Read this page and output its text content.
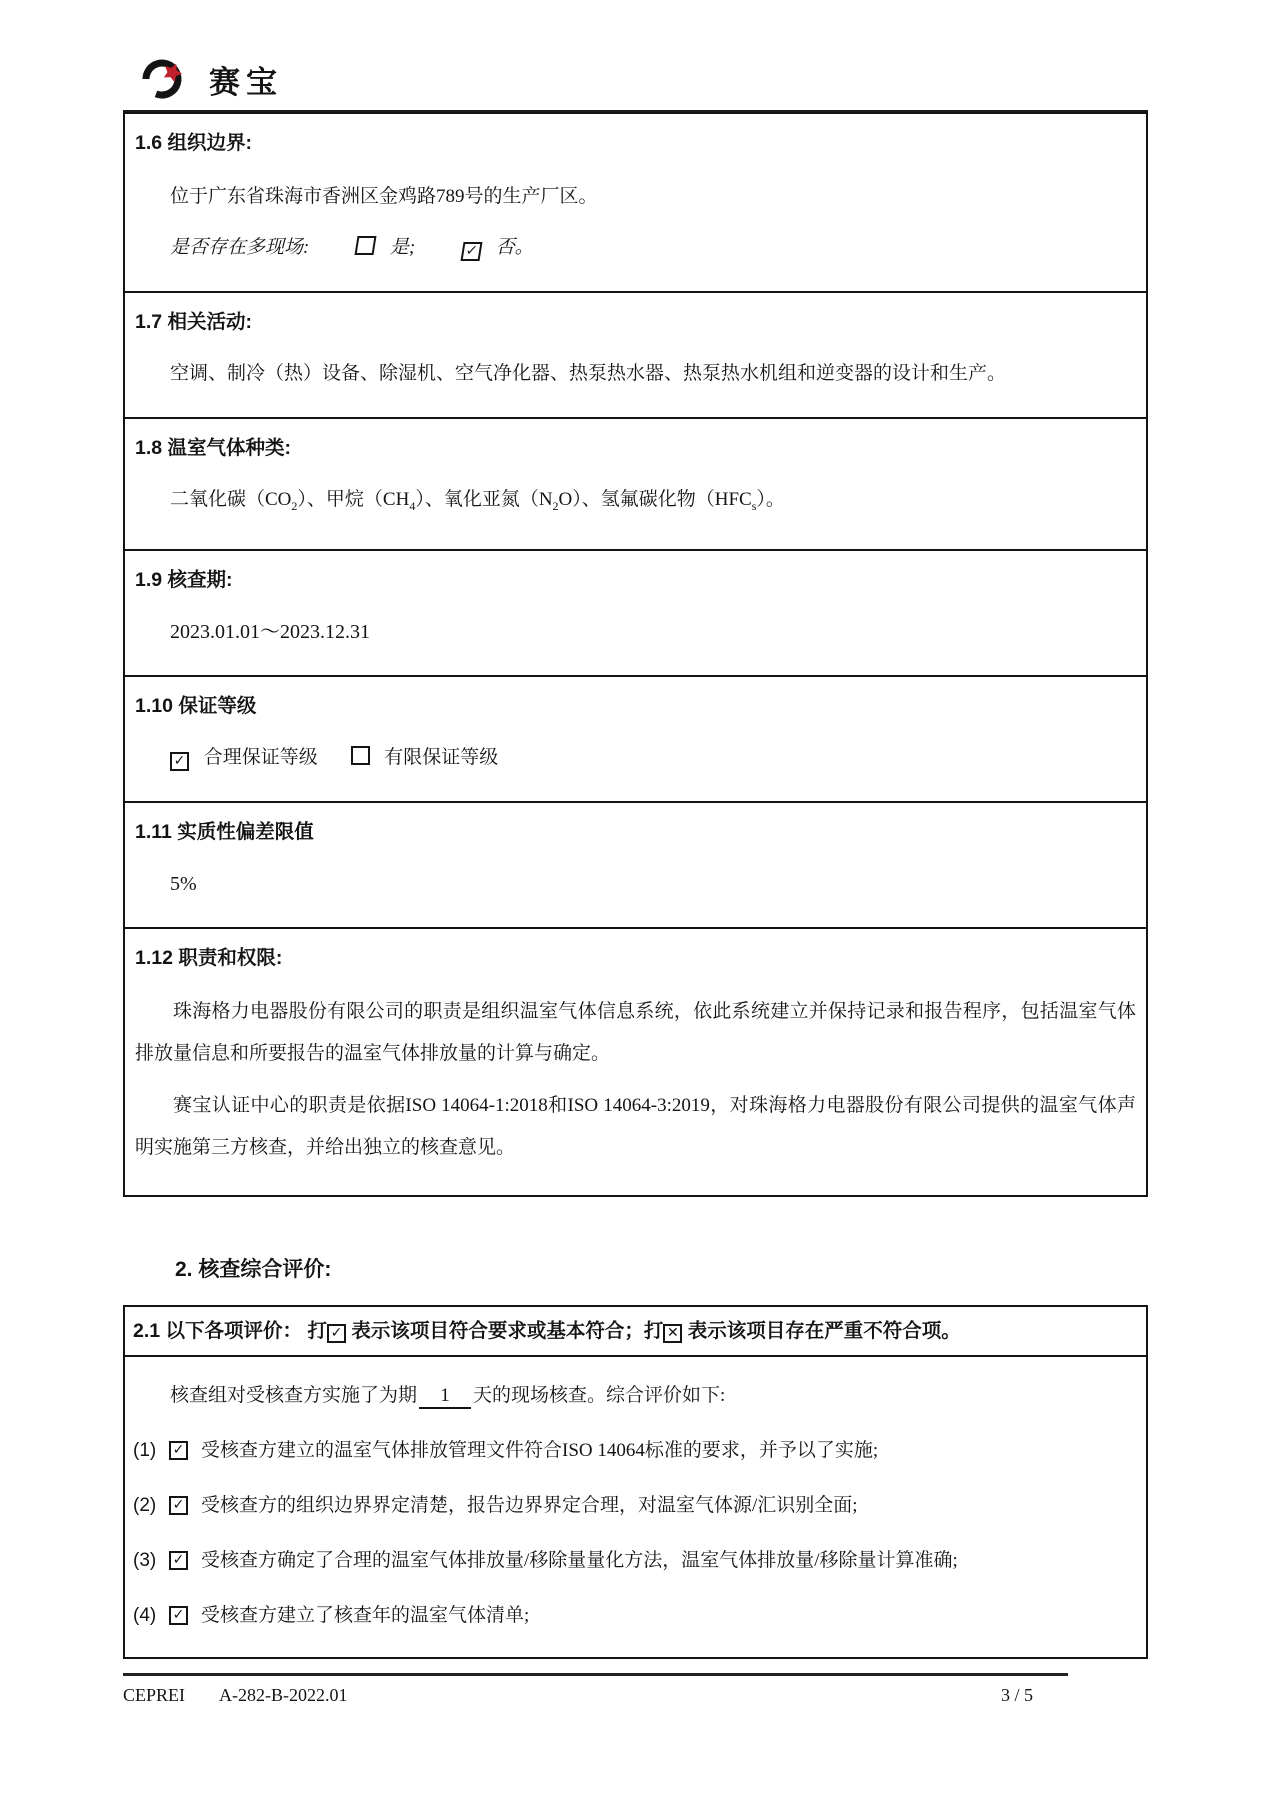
赛宝
1.6 组织边界:
位于广东省珠海市香洲区金鸡路789号的生产厂区。
是否存在多现场:	是;	✓ 否。
1.7 相关活动:
空调、制冷（热）设备、除湿机、空气净化器、热泵热水器、热泵热水机组和逆变器的设计和生产。
1.8 温室气体种类:
二氧化碳$(CO_2)$、甲烷$(CH_4)$、氧化亚氮$(N_2O)$、氢氟碳化物$(HFC_s)$。
1.9 核查期:
2023.01.01～2023.12.31
1.10 保证等级
✓ 合理保证等级	有限保证等级
1.11 实质性偏差限值
5%
1.12 职责和权限:
珠海格力电器股份有限公司的职责是组织温室气体信息系统，依此系统建立并保持记录和报告程序，包括温室气体排放量信息和所要报告的温室气体排放量的计算与确定。
赛宝认证中心的职责是依据ISO 14064-1:2018和ISO 14064-3:2019，对珠海格力电器股份有限公司提供的温室气体声明实施第三方核查，并给出独立的核查意见。
2. 核查综合评价:
2.1 以下各项评价： 打 ✓ 表示该项目符合要求或基本符合；打 ✕ 表示该项目存在严重不符合项。
核查组对受核查方实施了为期 1 天的现场核查。综合评价如下:
(1)	✓ 受核查方建立的温室气体排放管理文件符合ISO 14064标准的要求，并予以了实施;
(2)	✓ 受核查方的组织边界界定清楚，报告边界界定合理，对温室气体源/汇识别全面;
(3)	✓ 受核查方确定了合理的温室气体排放量/移除量量化方法，温室气体排放量/移除量计算准确;
(4)	✓ 受核查方建立了核查年的温室气体清单;
CEPREI A-282-B-2022.01	3 / 5
